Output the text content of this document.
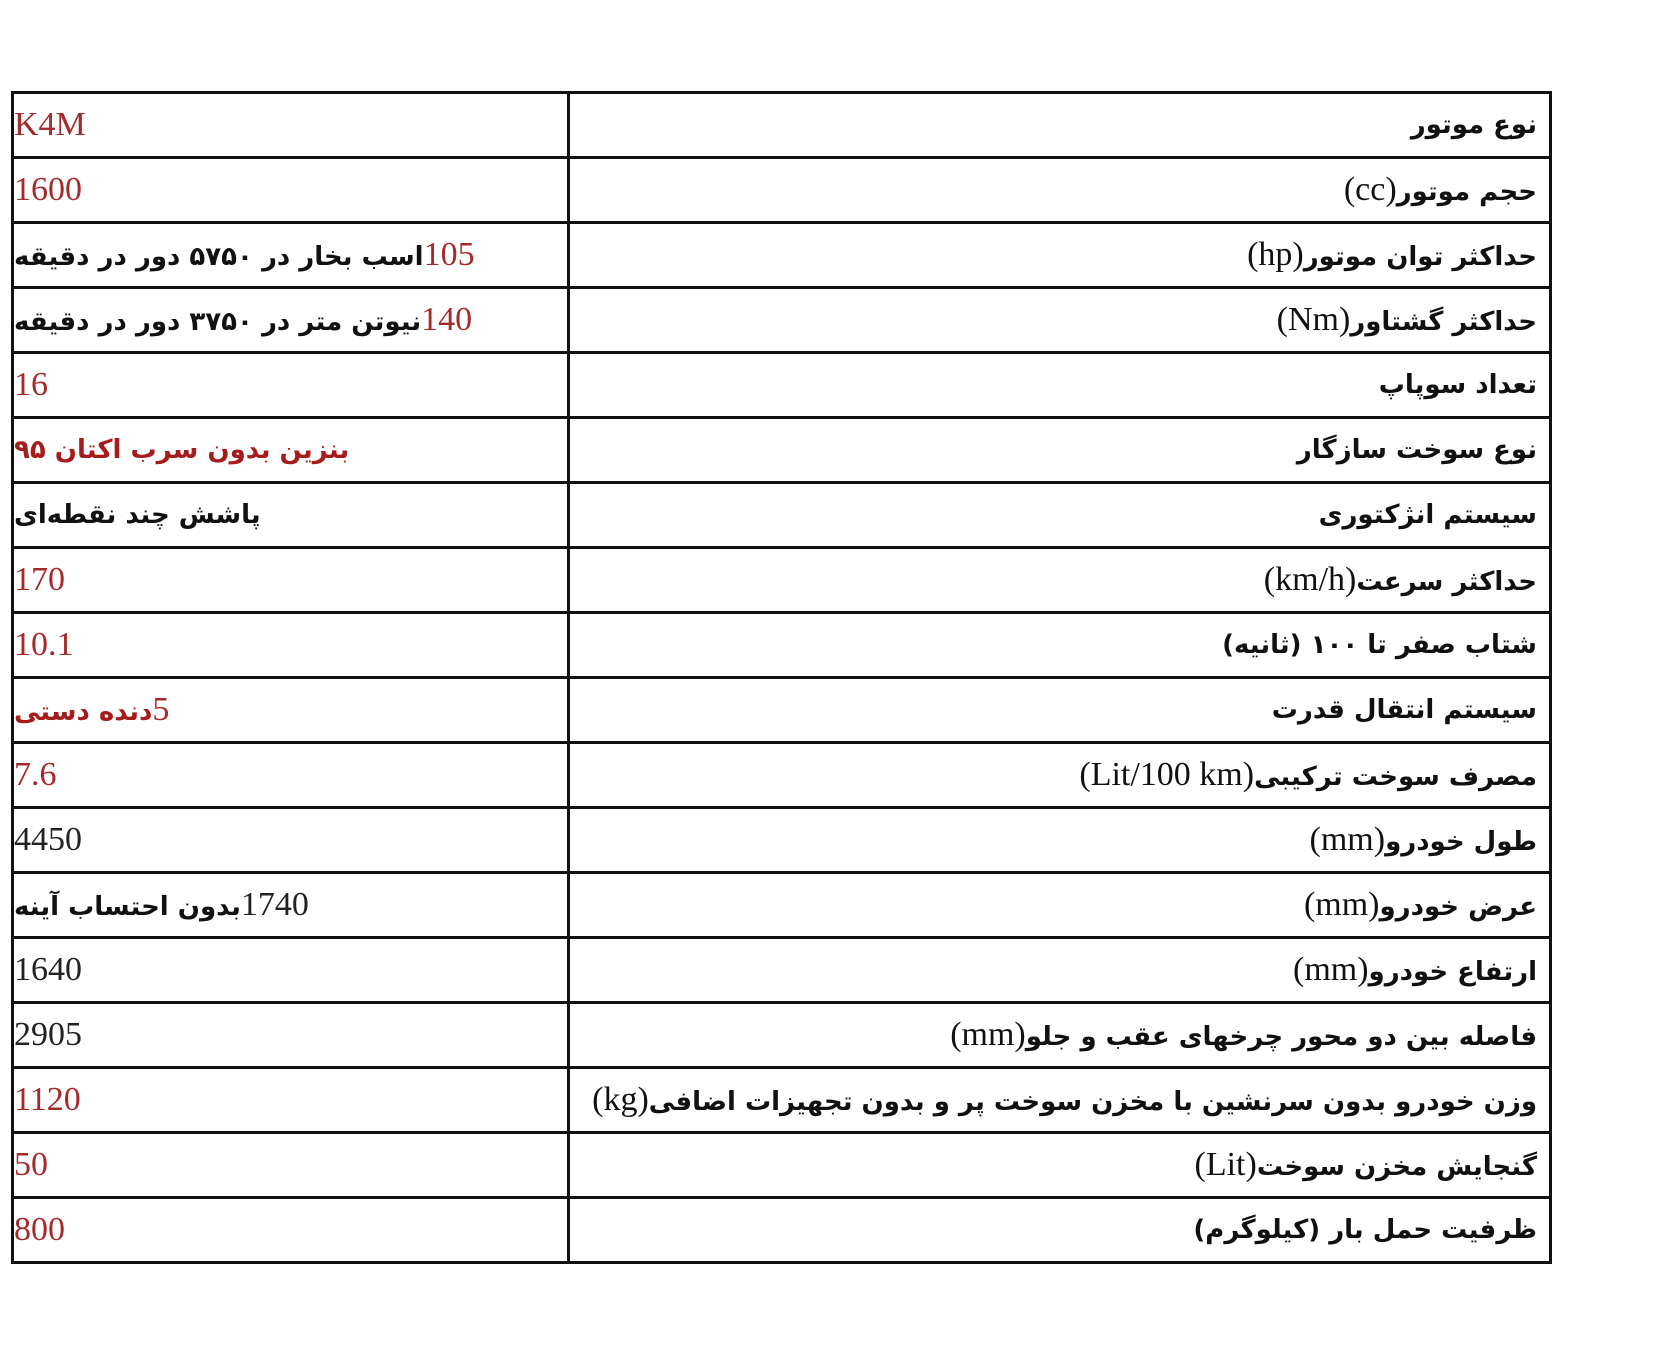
K4M	نوع موتور
1600	حجم موتور(cc)
105اسب بخار در ۵۷۵۰ دور در دقیقه	حداکثر توان موتور(hp)
140نیوتن متر در ۳۷۵۰ دور در دقیقه	حداکثر گشتاور(Nm)
16	تعداد سوپاپ
بنزین بدون سرب اکتان ۹۵	نوع سوخت سازگار
پاشش چند نقطه‌ای	سیستم انژکتوری
170	حداکثر سرعت(km/h)
10.1	شتاب صفر تا ۱۰۰ (ثانیه)
5دنده دستی	سیستم انتقال قدرت
7.6	مصرف سوخت ترکیبی(Lit/100 km)
4450	طول خودرو(mm)
1740بدون احتساب آینه	عرض خودرو(mm)
1640	ارتفاع خودرو(mm)
2905	فاصله بین دو محور چرخهای عقب و جلو(mm)
1120	وزن خودرو بدون سرنشین با مخزن سوخت پر و بدون تجهیزات اضافی(kg)
50	گنجایش مخزن سوخت (Lit)
800	ظرفیت حمل بار (کیلوگرم)
